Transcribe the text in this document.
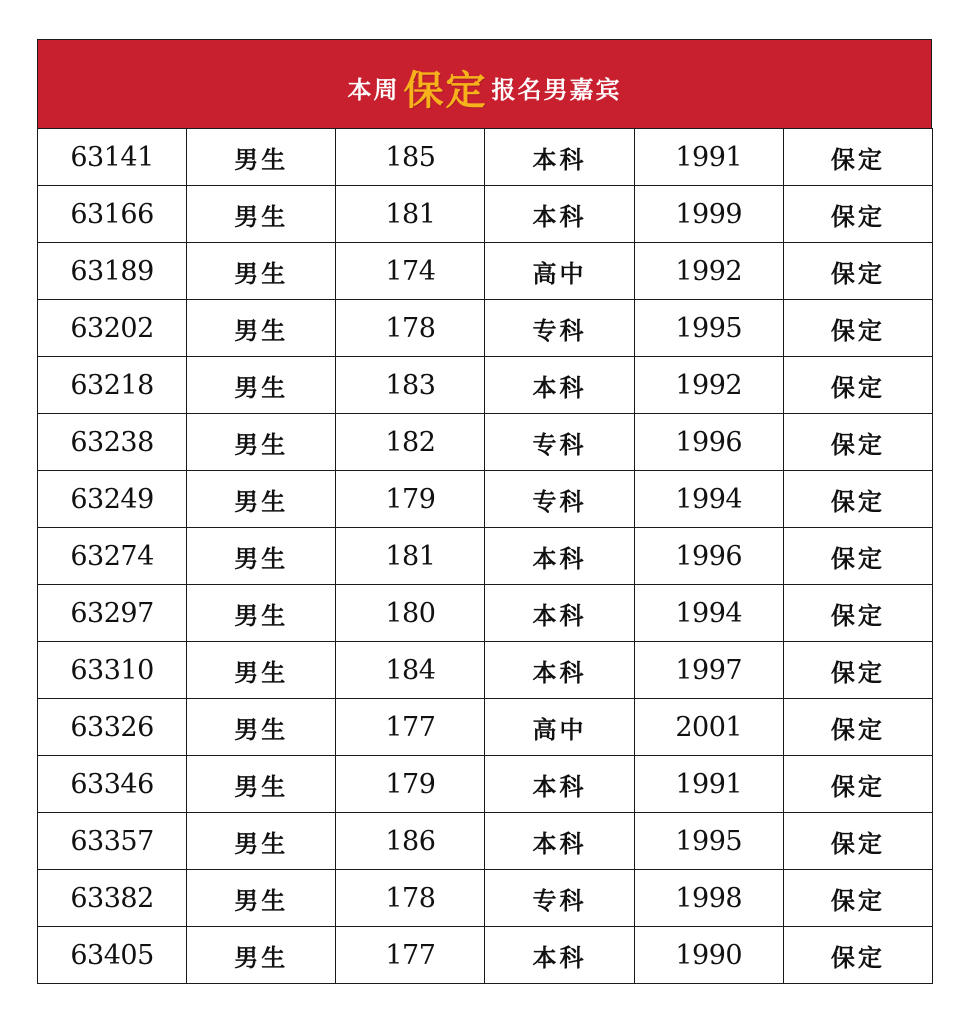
本周 保定 报名男嘉宾
63141	男生	185	本科	1991	保定
63166	男生	181	本科	1999	保定
63189	男生	174	高中	1992	保定
63202	男生	178	专科	1995	保定
63218	男生	183	本科	1992	保定
63238	男生	182	专科	1996	保定
63249	男生	179	专科	1994	保定
63274	男生	181	本科	1996	保定
63297	男生	180	本科	1994	保定
63310	男生	184	本科	1997	保定
63326	男生	177	高中	2001	保定
63346	男生	179	本科	1991	保定
63357	男生	186	本科	1995	保定
63382	男生	178	专科	1998	保定
63405	男生	177	本科	1990	保定
